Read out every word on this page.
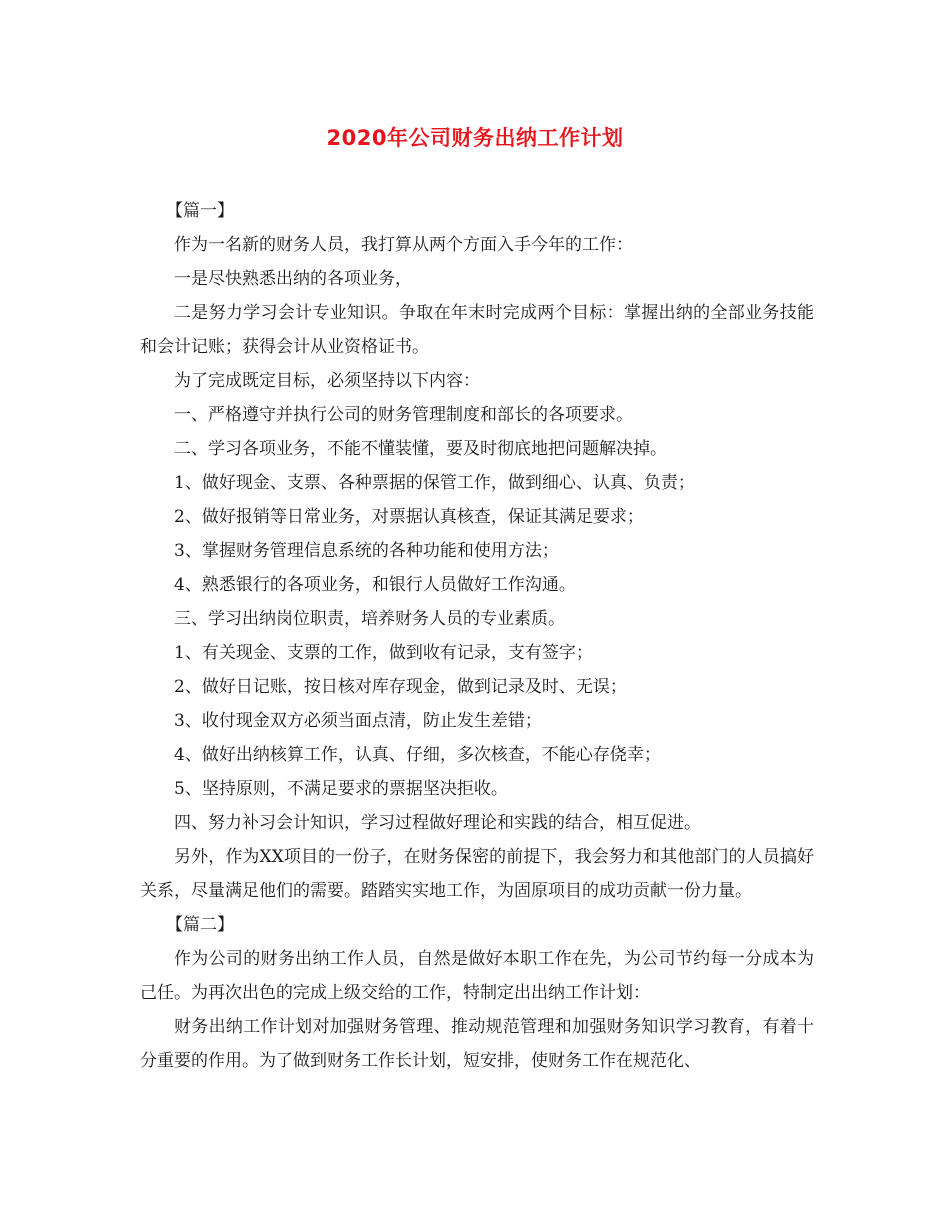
2020年公司财务出纳工作计划

【篇一】

作为一名新的财务人员，我打算从两个方面入手今年的工作：

一是尽快熟悉出纳的各项业务，

二是努力学习会计专业知识。争取在年末时完成两个目标：掌握出纳的全部业务技能和会计记账；获得会计从业资格证书。

为了完成既定目标，必须坚持以下内容：

一、严格遵守并执行公司的财务管理制度和部长的各项要求。

二、学习各项业务，不能不懂装懂，要及时彻底地把问题解决掉。

1、做好现金、支票、各种票据的保管工作，做到细心、认真、负责；

2、做好报销等日常业务，对票据认真核查，保证其满足要求；

3、掌握财务管理信息系统的各种功能和使用方法；

4、熟悉银行的各项业务，和银行人员做好工作沟通。

三、学习出纳岗位职责，培养财务人员的专业素质。

1、有关现金、支票的工作，做到收有记录，支有签字；

2、做好日记账，按日核对库存现金，做到记录及时、无误；

3、收付现金双方必须当面点清，防止发生差错；

4、做好出纳核算工作，认真、仔细，多次核查，不能心存侥幸；

5、坚持原则，不满足要求的票据坚决拒收。

四、努力补习会计知识，学习过程做好理论和实践的结合，相互促进。

另外，作为XX项目的一份子，在财务保密的前提下，我会努力和其他部门的人员搞好关系，尽量满足他们的需要。踏踏实实地工作，为固原项目的成功贡献一份力量。

【篇二】

作为公司的财务出纳工作人员，自然是做好本职工作在先，为公司节约每一分成本为己任。为再次出色的完成上级交给的工作，特制定出出纳工作计划：

财务出纳工作计划对加强财务管理、推动规范管理和加强财务知识学习教育，有着十分重要的作用。为了做到财务工作长计划，短安排，使财务工作在规范化、
